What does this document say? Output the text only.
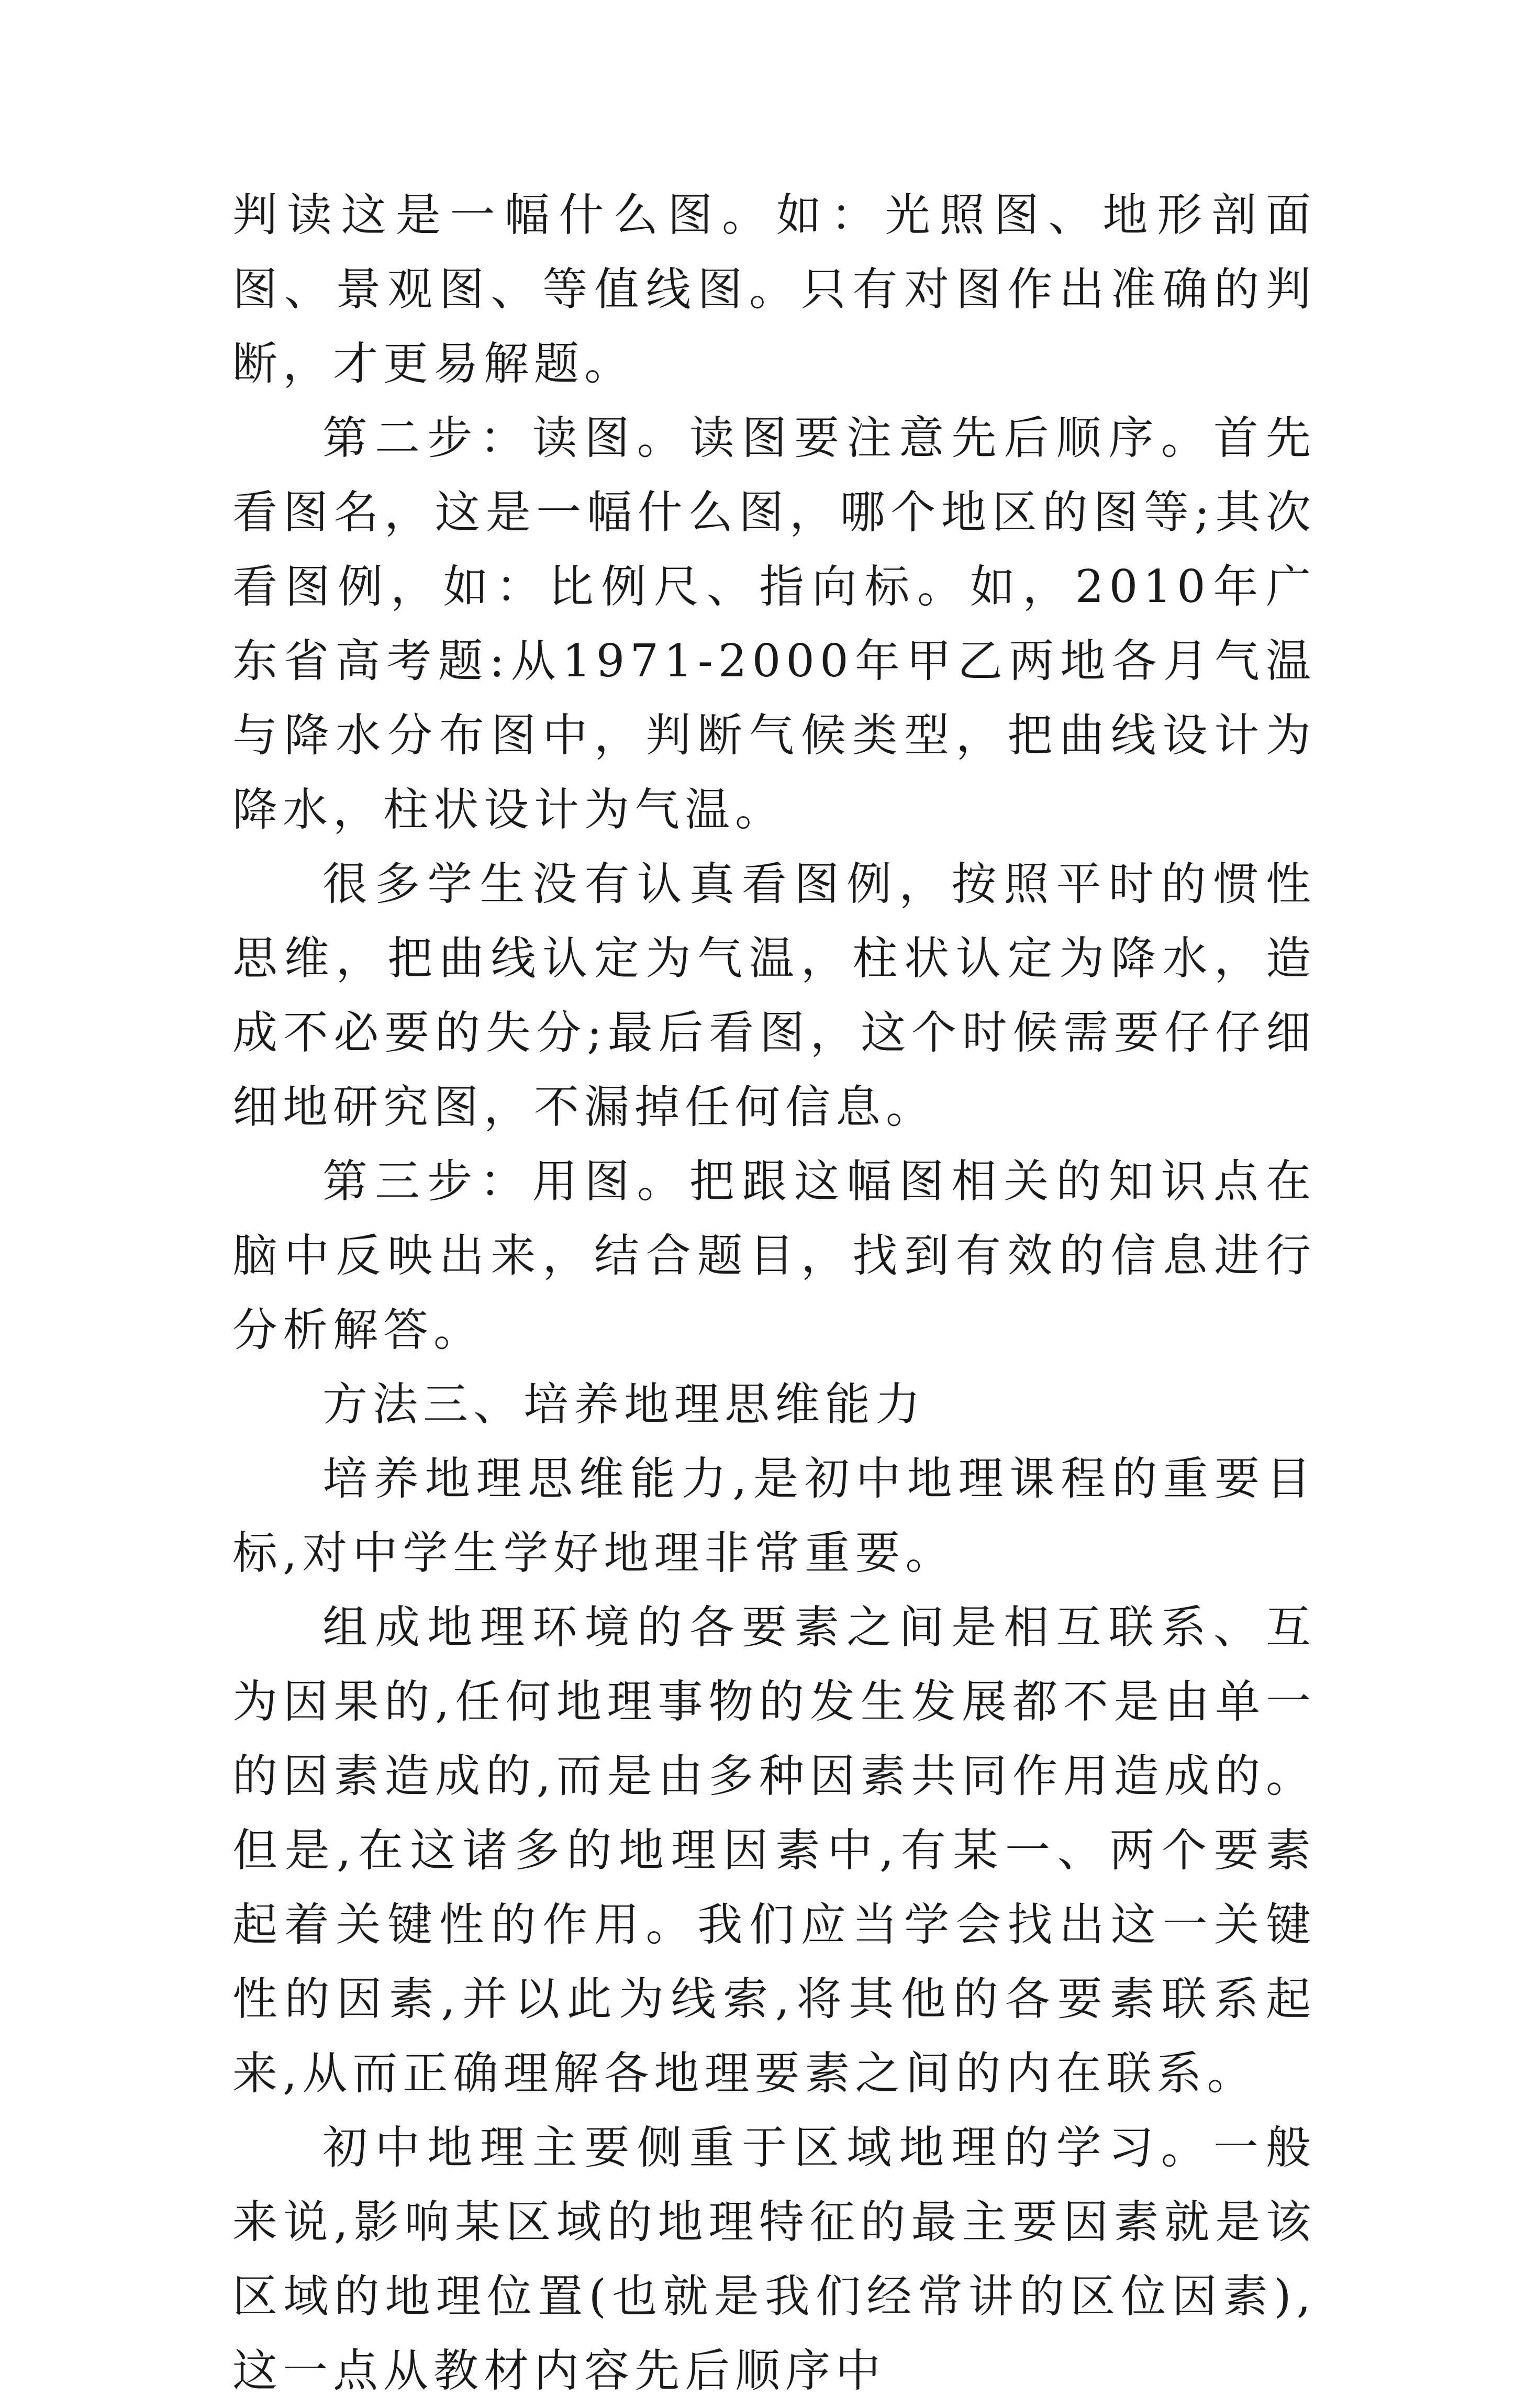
判读这是一幅什么图。如：光照图、地形剖面图、景观图、等值线图。只有对图作出准确的判断，才更易解题。

第二步：读图。读图要注意先后顺序。首先看图名，这是一幅什么图，哪个地区的图等;其次看图例，如：比例尺、指向标。如，2010年广东省高考题:从1971-2000年甲乙两地各月气温与降水分布图中，判断气候类型，把曲线设计为降水，柱状设计为气温。

很多学生没有认真看图例，按照平时的惯性思维，把曲线认定为气温，柱状认定为降水，造成不必要的失分;最后看图，这个时候需要仔仔细细地研究图，不漏掉任何信息。

第三步：用图。把跟这幅图相关的知识点在脑中反映出来，结合题目，找到有效的信息进行分析解答。

方法三、培养地理思维能力

培养地理思维能力,是初中地理课程的重要目标,对中学生学好地理非常重要。

组成地理环境的各要素之间是相互联系、互为因果的,任何地理事物的发生发展都不是由单一的因素造成的,而是由多种因素共同作用造成的。但是,在这诸多的地理因素中,有某一、两个要素起着关键性的作用。我们应当学会找出这一关键性的因素,并以此为线索,将其他的各要素联系起来,从而正确理解各地理要素之间的内在联系。

初中地理主要侧重于区域地理的学习。一般来说,影响某区域的地理特征的最主要因素就是该区域的地理位置(也就是我们经常讲的区位因素),这一点从教材内容先后顺序中
